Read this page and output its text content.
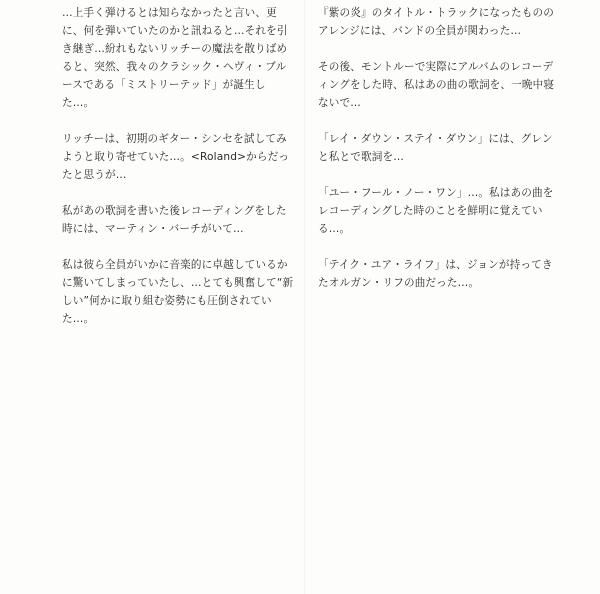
…上手く弾けるとは知らなかったと言い、更に、何を弾いていたのかと訊ねると…それを引き継ぎ…紛れもないリッチーの魔法を散りばめると、突然、我々のクラシック・ヘヴィ・ブルースである「ミストリーテッド」が誕生した…。

リッチーは、初期のギター・シンセを試してみようと取り寄せていた…。<Roland>からだったと思うが…

私があの歌詞を書いた後レコーディングをした時には、マーティン・バーチがいて…

私は彼ら全員がいかに音楽的に卓越しているかに驚いてしまっていたし、…とても興奮して“新しい”何かに取り組む姿勢にも圧倒されていた…。

『紫の炎』のタイトル・トラックになったもののアレンジには、バンドの全員が関わった…

その後、モントルーで実際にアルバムのレコーディングをした時、私はあの曲の歌詞を、一晩中寝ないで…

「レイ・ダウン・ステイ・ダウン」には、グレンと私とで歌詞を…

「ユー・フール・ノー・ワン」…。私はあの曲をレコーディングした時のことを鮮明に覚えている…。

「テイク・ユア・ライフ」は、ジョンが持ってきたオルガン・リフの曲だった…。
